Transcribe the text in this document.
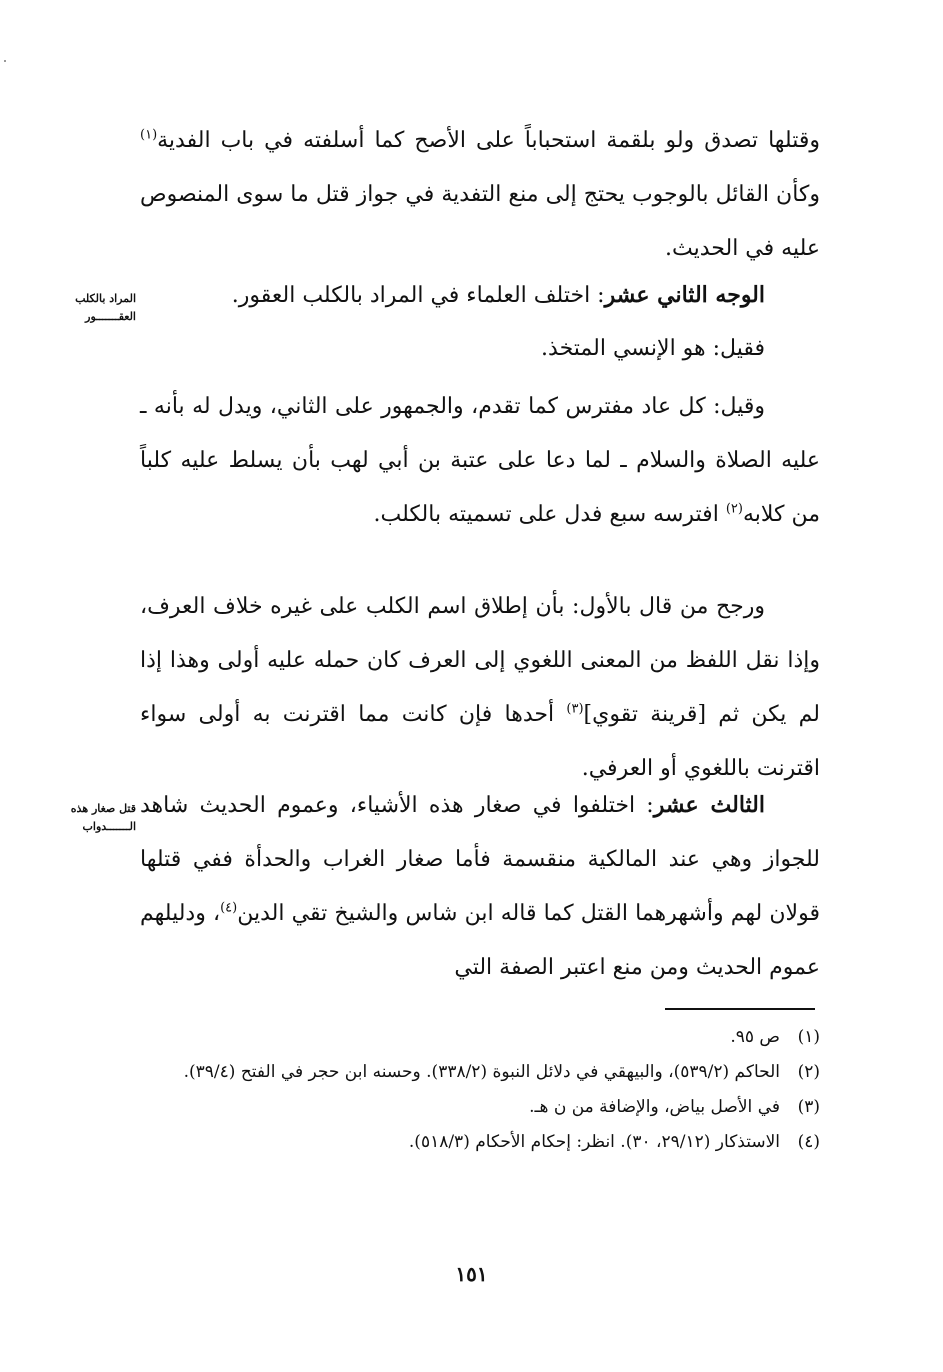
وقتلها تصدق ولو بلقمة استحباباً على الأصح كما أسلفته في باب الفدية$^{(١)}$ وكأن القائل بالوجوب يحتج إلى منع التفدية في جواز قتل ما سوى المنصوص عليه في الحديث.

الوجه الثاني عشر: اختلف العلماء في المراد بالكلب العقور.

فقيل: هو الإنسي المتخذ.

وقيل: كل عاد مفترس كما تقدم، والجمهور على الثاني، ويدل له بأنه ـ عليه الصلاة والسلام ـ لما دعا على عتبة بن أبي لهب بأن يسلط عليه كلباً من كلابه$^{(٢)}$ افترسه سبع فدل على تسميته بالكلب.

ورجح من قال بالأول: بأن إطلاق اسم الكلب على غيره خلاف العرف، وإذا نقل اللفظ من المعنى اللغوي إلى العرف كان حمله عليه أولى وهذا إذا لم يكن ثم [قرينة تقوي]$^{(٣)}$ أحدها فإن كانت مما اقترنت به أولى سواء اقترنت باللغوي أو العرفي.

الثالث عشر: اختلفوا في صغار هذه الأشياء، وعموم الحديث شاهد للجواز وهي عند المالكية منقسمة فأما صغار الغراب والحدأة ففي قتلها قولان لهم وأشهرهما القتل كما قاله ابن شاس والشيخ تقي الدين$^{(٤)}$، ودليلهم عموم الحديث ومن منع اعتبر الصفة التي

المراد بالكلب
العقـــــــور
قتل صغار هذه
الـــــــدواب
(١)
ص ٩٥.
(٢)
الحاكم (٥٣٩/٢)، والبيهقي في دلائل النبوة (٣٣٨/٢). وحسنه ابن حجر في الفتح (٣٩/٤).
(٣)
في الأصل بياض، والإضافة من ن هـ.
(٤)
الاستذكار (٢٩/١٢، ٣٠). انظر: إحكام الأحكام (٥١٨/٣).
١٥١
